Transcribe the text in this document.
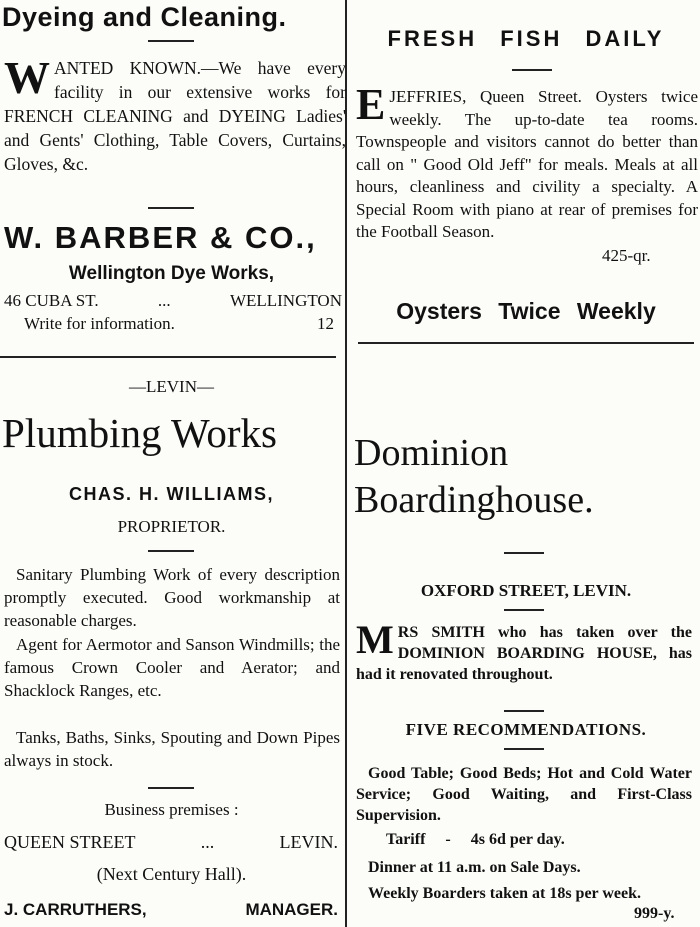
Dyeing and Cleaning.
WANTED KNOWN.—We have every facility in our extensive works for FRENCH CLEANING and DYEING Ladies' and Gents' Clothing, Table Covers, Curtains, Gloves, &c.
W. BARBER & CO.,
Wellington Dye Works,
46 CUBA ST.	...	WELLINGTON
Write for information.	12
—LEVIN—
Plumbing Works
CHAS. H. WILLIAMS,
PROPRIETOR.
Sanitary Plumbing Work of every description promptly executed. Good workmanship at reasonable charges.
Agent for Aermotor and Sanson Windmills; the famous Crown Cooler and Aerator; and Shacklock Ranges, etc.
Tanks, Baths, Sinks, Spouting and Down Pipes always in stock.
Business premises :
QUEEN STREET	...	LEVIN.
(Next Century Hall).
J. CARRUTHERS,	MANAGER.
FRESH FISH DAILY
EJEFFRIES, Queen Street. Oysters twice weekly. The up-to-date tea rooms. Townspeople and visitors cannot do better than call on " Good Old Jeff" for meals. Meals at all hours, cleanliness and civility a specialty. A Special Room with piano at rear of premises for the Football Season.
425-qr.
Oysters Twice Weekly
Dominion
Boardinghouse.
OXFORD STREET, LEVIN.
MRS SMITH who has taken over the DOMINION BOARDING HOUSE, has had it renovated throughout.
FIVE RECOMMENDATIONS.
Good Table; Good Beds; Hot and Cold Water Service; Good Waiting, and First-Class Supervision.
Tariff - 4s 6d per day.
Dinner at 11 a.m. on Sale Days.
Weekly Boarders taken at 18s per week.
999-y.
